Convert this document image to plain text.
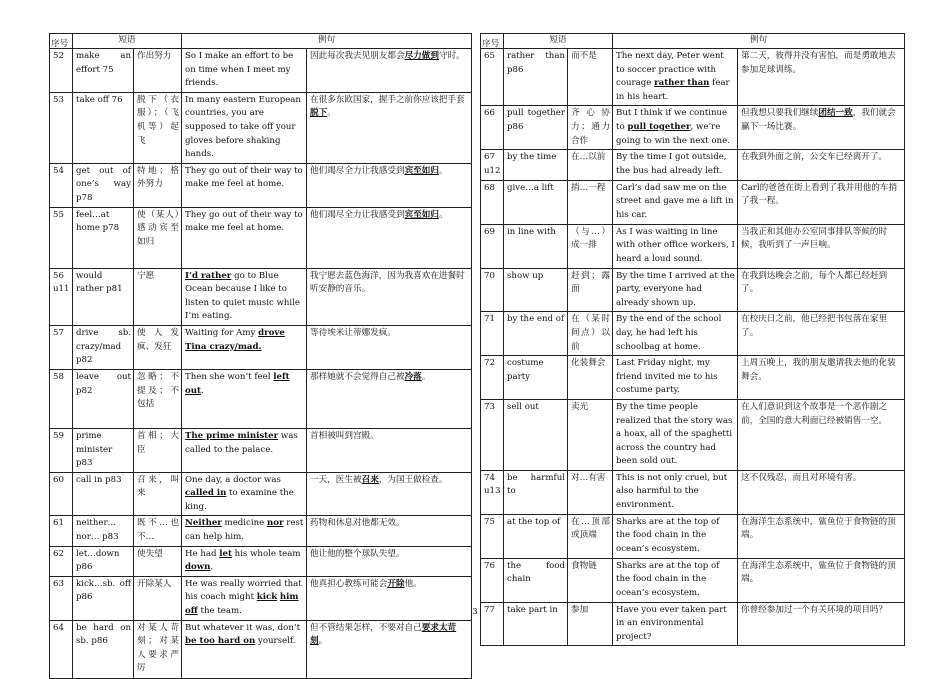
序号	短语		例句	
52	make an effort 75	作出努力	So I make an effort to be on time when I meet my friends.	因此每次我去见朋友都会尽力做到守时。
53	take off 76	脱下（衣服）；（飞机等）起飞	In many eastern European countries, you are supposed to take off your gloves before shaking hands.	在很多东欧国家，握手之前你应该把手套脱下。
54	get out of one’s way p78	特地；格外努力	They go out of their way to make me feel at home.	他们竭尽全力让我感受到宾至如归。
55	feel…at home p78	使（某人）感动宾至如归	They go out of their way to make me feel at home.	他们竭尽全力让我感受到宾至如归。
56 u11	would rather p81	宁愿	I’d rather go to Blue Ocean because I like to listen to quiet music while I’m eating.	我宁愿去蓝色海洋，因为我喜欢在进餐时听安静的音乐。
57	drive sb. crazy/mad p82	使人发疯、发狂	Waiting for Amy drove Tina crazy/mad.	等待埃米让蒂娜发疯。
58	leave out p82	忽略；不提及；不包括	Then she won’t feel left out.	那样她就不会觉得自己被冷落。
59	prime minister p83	首相；大臣	The prime minister was called to the palace.	首相被叫到宫殿。
60	call in p83	召来，叫来	One day, a doctor was called in to examine the king.	一天，医生被召来，为国王做检查。
61	neither… nor… p83	既不…也不…	Neither medicine nor rest can help him.	药物和休息对他都无效。
62	let…down p86	使失望	He had let his whole team down.	他让他的整个球队失望。
63	kick…sb. off p86	开除某人	He was really worried that his coach might kick him off the team.	他真担心教练可能会开除他。
64	be hard on sb. p86	对某人苛刻；对某人要求严厉	But whatever it was, don’t be too hard on yourself.	但不管结果怎样，不要对自己要求太苛刻。
序号	短语		例句	
65	rather than p86	而不是	The next day, Peter went to soccer practice with courage rather than fear in his heart.	第二天，彼得并没有害怕，而是勇敢地去参加足球训练。
66	pull together p86	齐心协力；通力合作	But I think if we continue to pull together, we’re going to win the next one.	但我想只要我们继续团结一致，我们就会赢下一场比赛。
67 u12	by the time	在…以前	By the time I got outside, the bus had already left.	在我到外面之前，公交车已经离开了。
68	give…a lift	捎…一程	Carl’s dad saw me on the street and gave me a lift in his car.	Carl的爸爸在街上看到了我并用他的车捎了我一程。
69	in line with	（与…）成一排	As I was waiting in line with other office workers, I heard a loud sound.	当我正和其他办公室同事排队等候的时候，我听到了一声巨响。
70	show up	赶到；露面	By the time I arrived at the party, everyone had already shown up.	在我到达晚会之前，每个人都已经赶到了。
71	by the end of	在（某时间点）以前	By the end of the school day, he had left his schoolbag at home.	在校庆日之前，他已经把书包落在家里了。
72	costume party	化装舞会	Last Friday night, my friend invited me to his costume party.	上周五晚上，我的朋友邀请我去他的化装舞会。
73	sell out	卖光	By the time people realized that the story was a hoax, all of the spaghetti across the country had been sold out.	在人们意识到这个故事是一个恶作剧之前，全国的意大利面已经被销售一空。
74 u13	be harmful to	对…有害	This is not only cruel, but also harmful to the environment.	这不仅残忍，而且对环境有害。
75	at the top of	在…顶部或顶端	Sharks are at the top of the food chain in the ocean’s ecosystem.	在海洋生态系统中，鲨鱼位于食物链的顶端。
76	the food chain	食物链	Sharks are at the top of the food chain in the ocean’s ecosystem.	在海洋生态系统中，鲨鱼位于食物链的顶端。
77	take part in	参加	Have you ever taken part in an environmental project?	你曾经参加过一个有关环境的项目吗？
3
